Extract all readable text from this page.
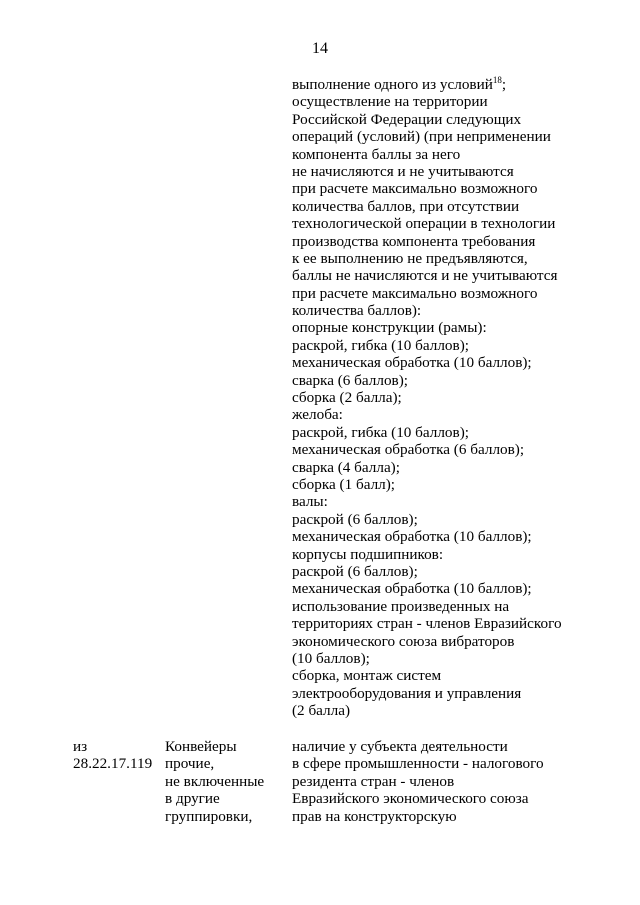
14
выполнение одного из условий$^{18}$;
осуществление на территории
Российской Федерации следующих
операций (условий) (при неприменении
компонента баллы за него
не начисляются и не учитываются
при расчете максимально возможного
количества баллов, при отсутствии
технологической операции в технологии
производства компонента требования
к ее выполнению не предъявляются,
баллы не начисляются и не учитываются
при расчете максимально возможного
количества баллов):
опорные конструкции (рамы):
раскрой, гибка (10 баллов);
механическая обработка (10 баллов);
сварка (6 баллов);
сборка (2 балла);
желоба:
раскрой, гибка (10 баллов);
механическая обработка (6 баллов);
сварка (4 балла);
сборка (1 балл);
валы:
раскрой (6 баллов);
механическая обработка (10 баллов);
корпусы подшипников:
раскрой (6 баллов);
механическая обработка (10 баллов);
использование произведенных на
территориях стран - членов Евразийского
экономического союза вибраторов
(10 баллов);
сборка, монтаж систем
электрооборудования и управления
(2 балла)
из
28.22.17.119
Конвейеры
прочие,
не включенные
в другие
группировки,
наличие у субъекта деятельности
в сфере промышленности - налогового
резидента стран - членов
Евразийского экономического союза
прав на конструкторскую
